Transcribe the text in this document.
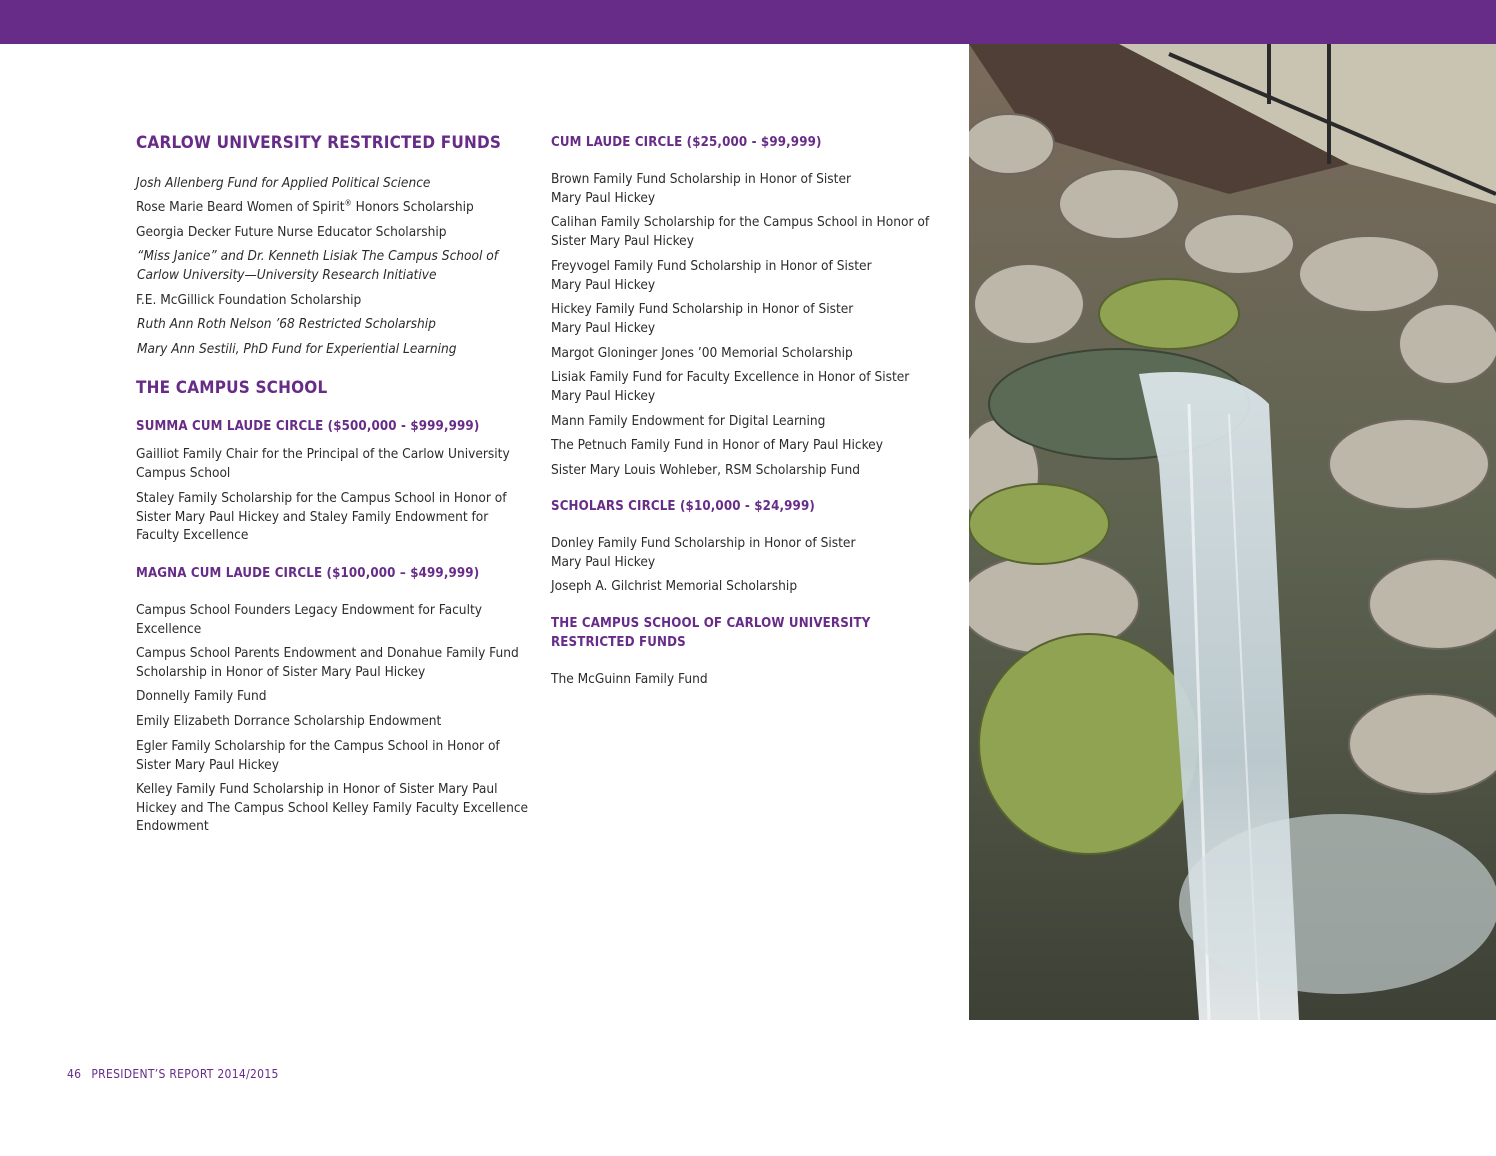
CARLOW UNIVERSITY RESTRICTED FUNDS

Josh Allenberg Fund for Applied Political Science

Rose Marie Beard Women of Spirit® Honors Scholarship

Georgia Decker Future Nurse Educator Scholarship

“Miss Janice” and Dr. Kenneth Lisiak The Campus School of Carlow University—University Research Initiative

F.E. McGillick Foundation Scholarship

Ruth Ann Roth Nelson ’68 Restricted Scholarship

Mary Ann Sestili, PhD Fund for Experiential Learning

THE CAMPUS SCHOOL
SUMMA CUM LAUDE CIRCLE ($500,000 - $999,999)

Gailliot Family Chair for the Principal of the Carlow University Campus School

Staley Family Scholarship for the Campus School in Honor of Sister Mary Paul Hickey and Staley Family Endowment for Faculty Excellence

MAGNA CUM LAUDE CIRCLE ($100,000 – $499,999)

Campus School Founders Legacy Endowment for Faculty Excellence

Campus School Parents Endowment and Donahue Family Fund Scholarship in Honor of Sister Mary Paul Hickey

Donnelly Family Fund

Emily Elizabeth Dorrance Scholarship Endowment

Egler Family Scholarship for the Campus School in Honor of Sister Mary Paul Hickey

Kelley Family Fund Scholarship in Honor of Sister Mary Paul Hickey and The Campus School Kelley Family Faculty Excellence Endowment

CUM LAUDE CIRCLE ($25,000 - $99,999)

Brown Family Fund Scholarship in Honor of Sister Mary Paul Hickey

Calihan Family Scholarship for the Campus School in Honor of Sister Mary Paul Hickey

Freyvogel Family Fund Scholarship in Honor of Sister Mary Paul Hickey

Hickey Family Fund Scholarship in Honor of Sister Mary Paul Hickey

Margot Gloninger Jones ’00 Memorial Scholarship

Lisiak Family Fund for Faculty Excellence in Honor of Sister Mary Paul Hickey

Mann Family Endowment for Digital Learning

The Petnuch Family Fund in Honor of Mary Paul Hickey

Sister Mary Louis Wohleber, RSM Scholarship Fund

SCHOLARS CIRCLE ($10,000 - $24,999)

Donley Family Fund Scholarship in Honor of Sister Mary Paul Hickey

Joseph A. Gilchrist Memorial Scholarship

THE CAMPUS SCHOOL OF CARLOW UNIVERSITY RESTRICTED FUNDS

The McGuinn Family Fund

46 PRESIDENT’S REPORT 2014/2015
